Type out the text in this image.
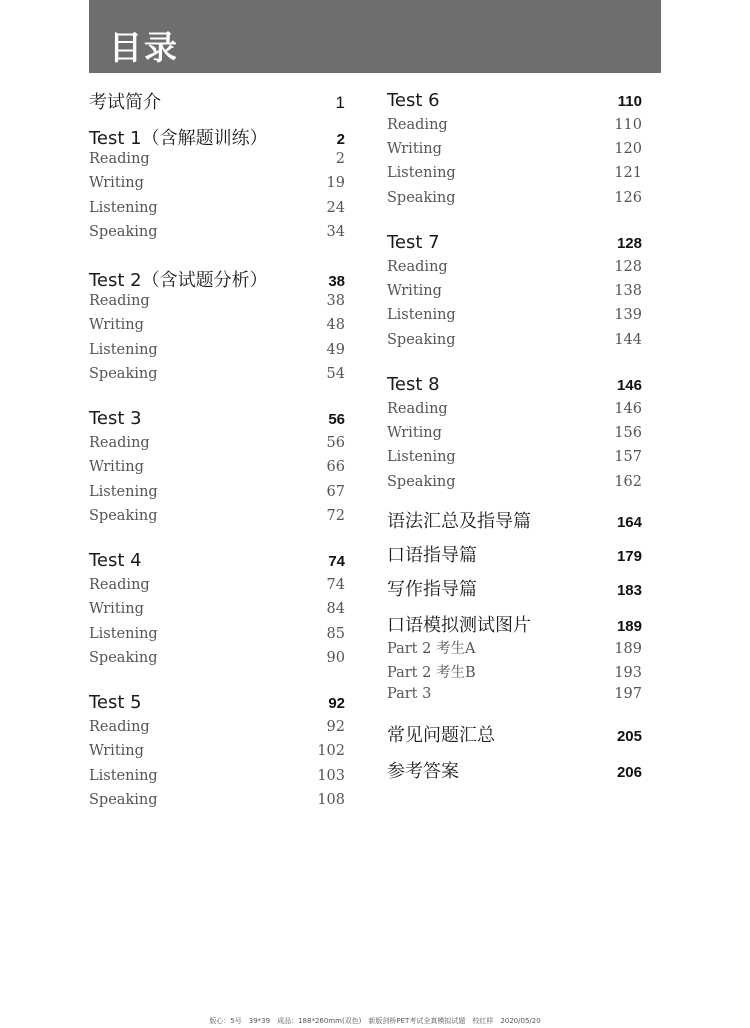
目录
考试简介	1
Test 1（含解题训练）	2
Reading	2
Writing	19
Listening	24
Speaking	34
Test 2（含试题分析）	38
Reading	38
Writing	48
Listening	49
Speaking	54
Test 3	56
Reading	56
Writing	66
Listening	67
Speaking	72
Test 4	74
Reading	74
Writing	84
Listening	85
Speaking	90
Test 5	92
Reading	92
Writing	102
Listening	103
Speaking	108
Test 6	110
Reading	110
Writing	120
Listening	121
Speaking	126
Test 7	128
Reading	128
Writing	138
Listening	139
Speaking	144
Test 8	146
Reading	146
Writing	156
Listening	157
Speaking	162
语法汇总及指导篇	164
口语指导篇	179
写作指导篇	183
口语模拟测试图片	189
Part 2 考生A	189
Part 2 考生B	193
Part 3	197
常见问题汇总	205
参考答案	206
版心：5号　39*39　成品：188*260mm(双色)　新版剑桥PET考试全真模拟试题　校红样　2020/05/20
